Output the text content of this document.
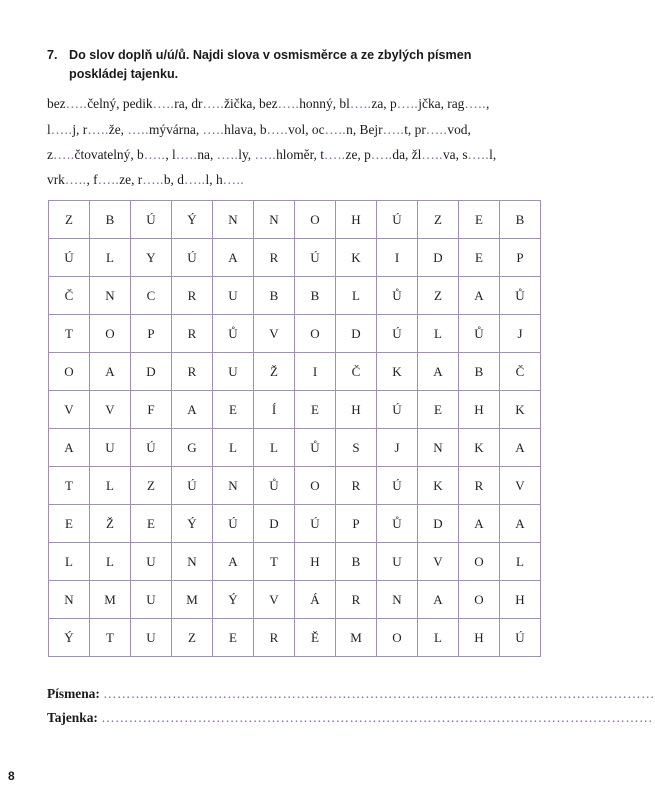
7. Do slov doplň u/ú/ů. Najdi slova v osmisměrce a ze zbylých písmen poskládej tajenku.
bez…..čelný, pedik…..ra, dr…..žička, bez…..honný, bl…..za, p…..jčka, rag…..,
l…..j, r…..že, …..mývárna, …..hlava, b…..vol, oc…..n, Bejr…..t, pr…..vod,
z…..čtovatelný, b….., l…..na, …..ly, …..hloměr, t…..ze, p…..da, žl…..va, s…..l,
vrk….., f…..ze, r…..b, d…..l, h…..
Z	B	Ú	Ý	N	N	O	H	Ú	Z	E	B
Ú	L	Y	Ú	A	R	Ú	K	I	D	E	P
Č	N	C	R	U	B	B	L	Ů	Z	A	Ů
T	O	P	R	Ů	V	O	D	Ú	L	Ů	J
O	A	D	R	U	Ž	I	Č	K	A	B	Č
V	V	F	A	E	Í	E	H	Ú	E	H	K
A	U	Ú	G	L	L	Ů	S	J	N	K	A
T	L	Z	Ú	N	Ů	O	R	Ú	K	R	V
E	Ž	E	Ý	Ú	D	Ú	P	Ů	D	A	A
L	L	U	N	A	T	H	B	U	V	O	L
N	M	U	M	Ý	V	Á	R	N	A	O	H
Ý	T	U	Z	E	R	Ě	M	O	L	H	Ú
Písmena: …………………………………………………………………………………………………………
Tajenka: …………………………………………………………………………………………………………
8
